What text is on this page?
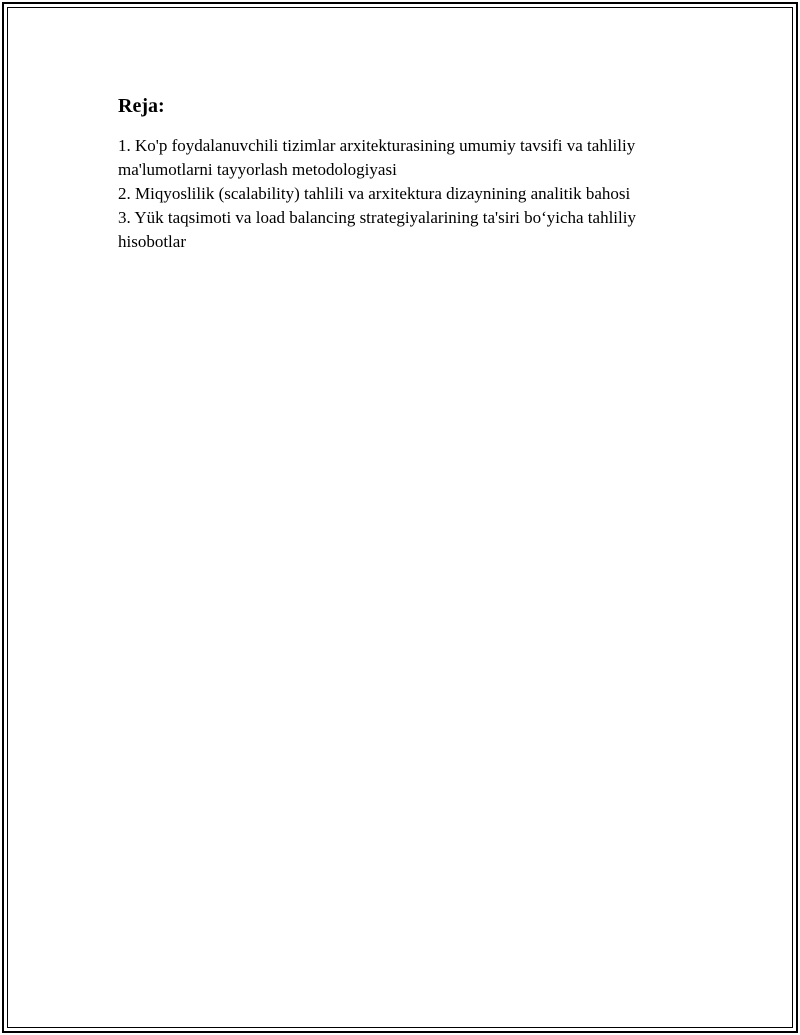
Reja:
1. Ko'p foydalanuvchili tizimlar arxitekturasining umumiy tavsifi va tahliliy ma'lumotlarni tayyorlash metodologiyasi
2. Miqyoslilik (scalability) tahlili va arxitektura dizaynining analitik bahosi
3. Yük taqsimoti va load balancing strategiyalarining ta'siri bo‘yicha tahliliy hisobotlar
